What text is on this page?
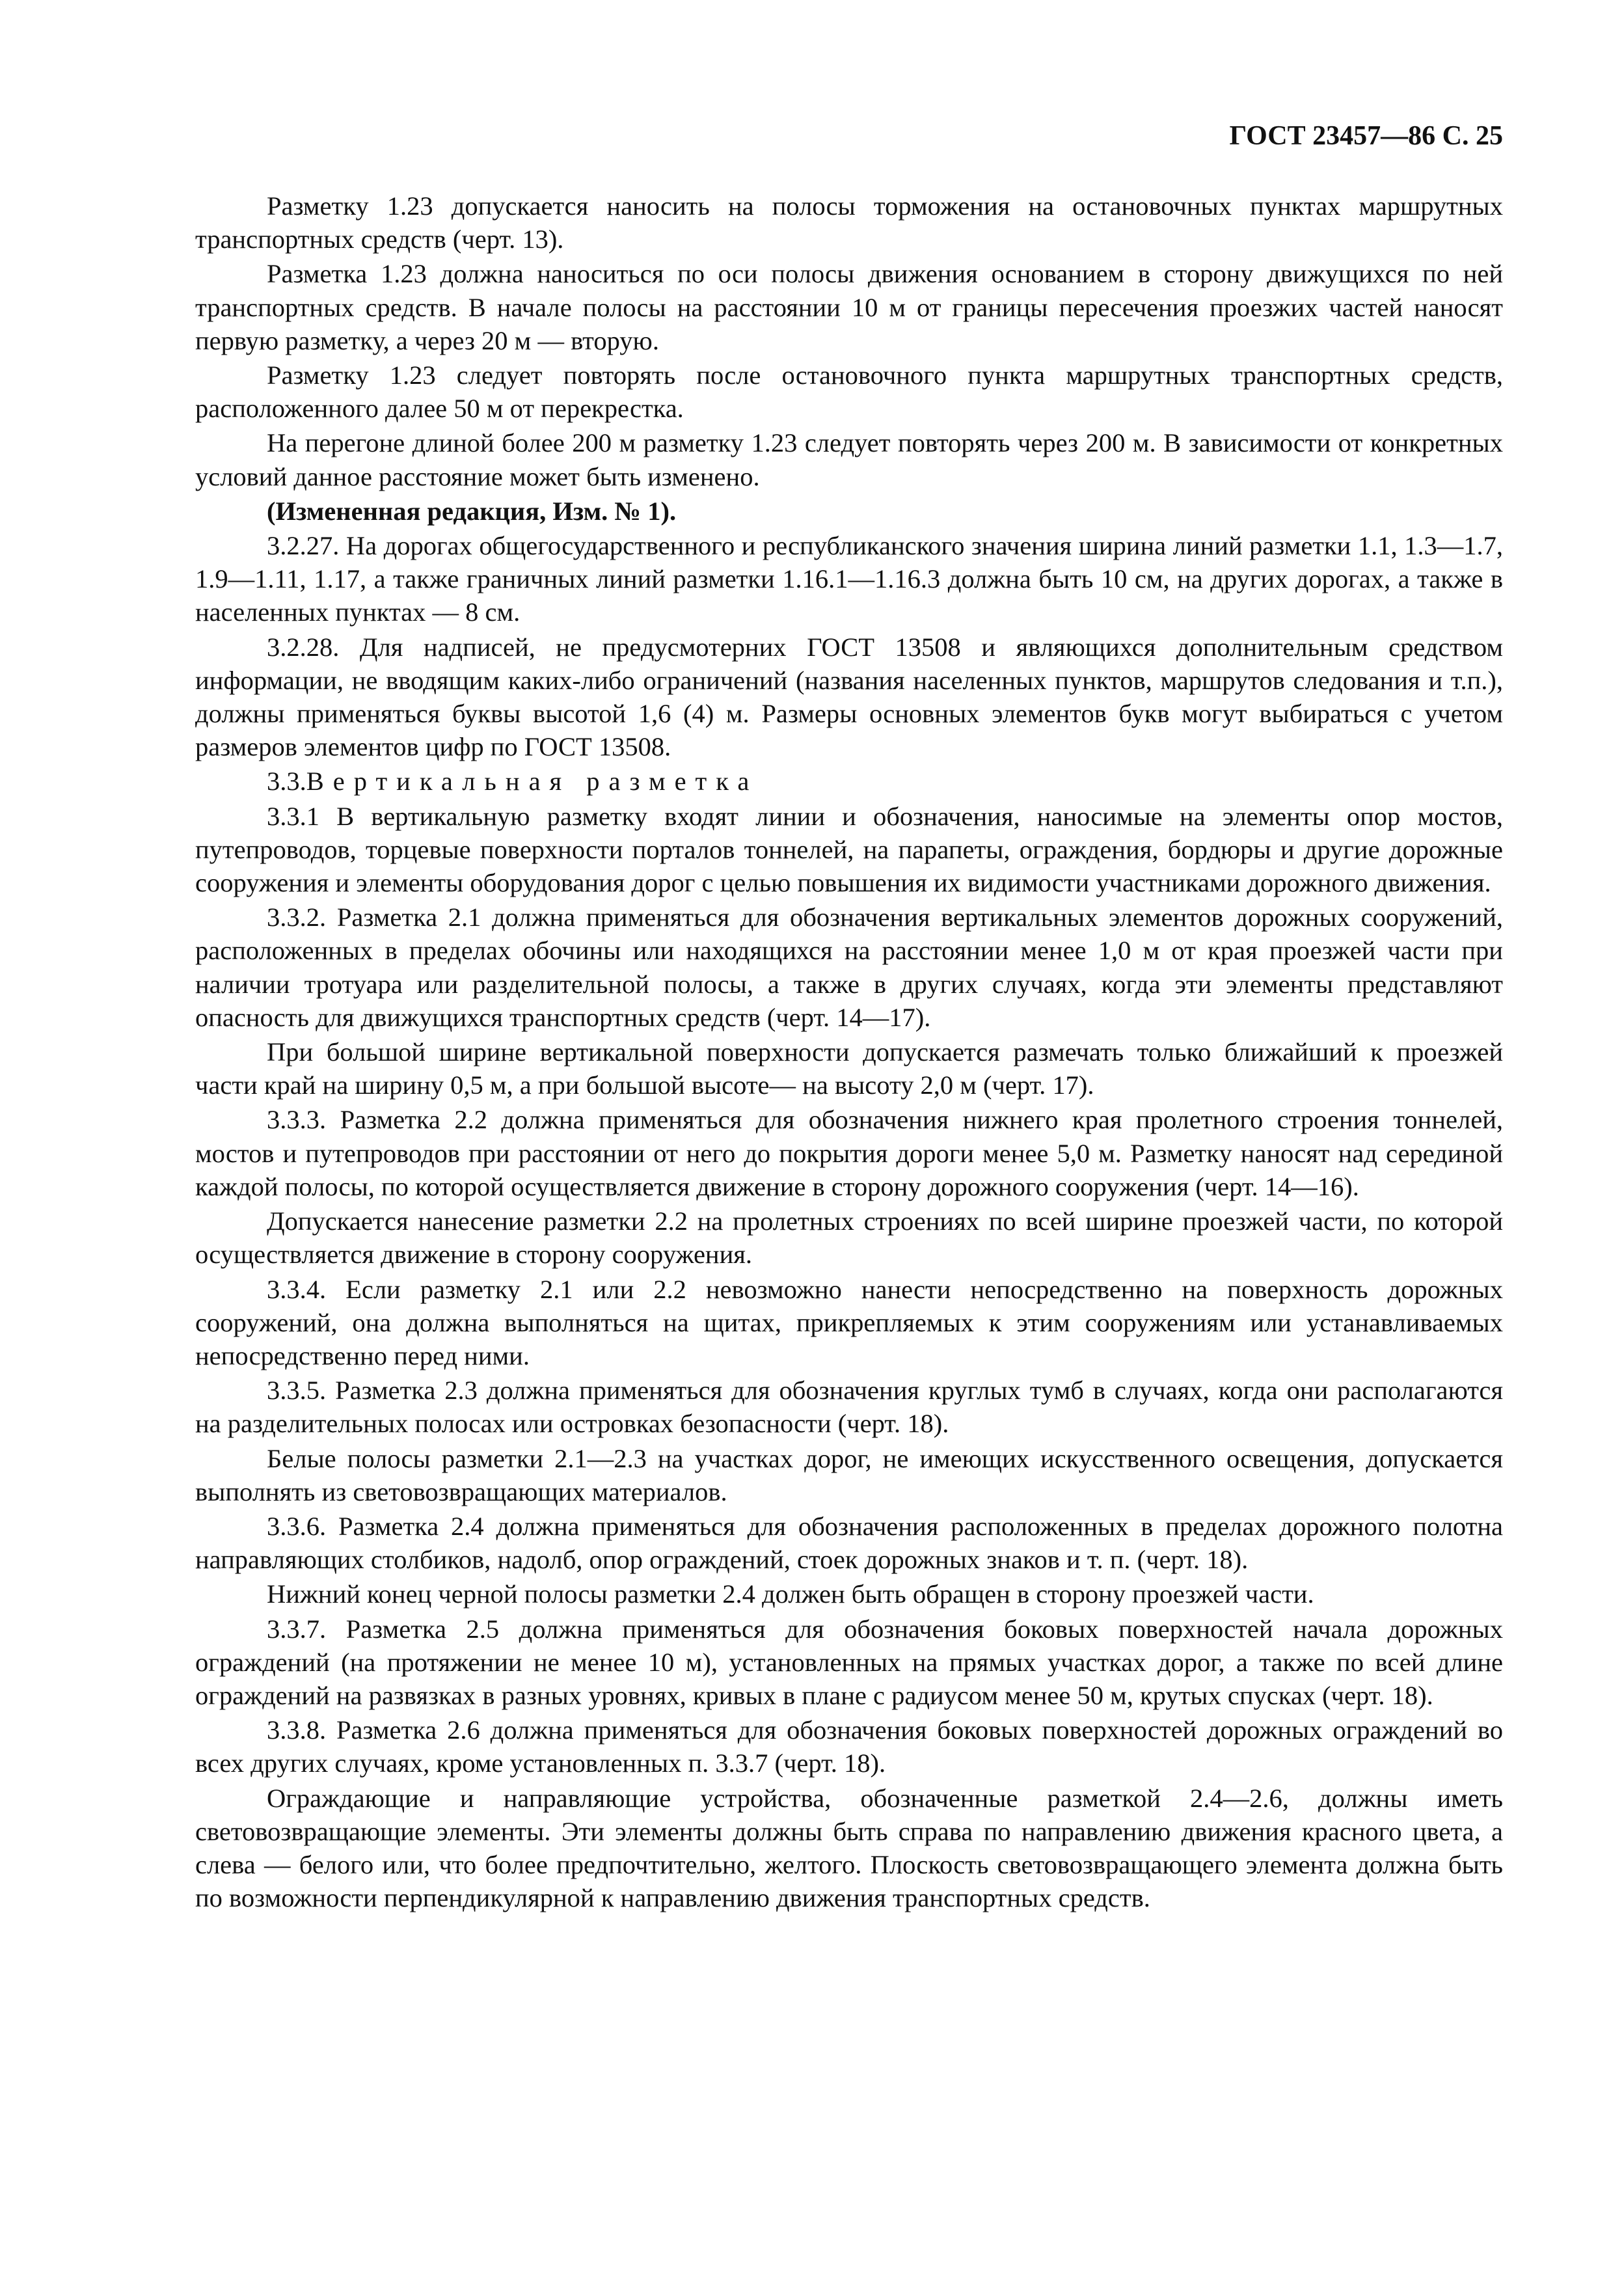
ГОСТ 23457—86 С. 25

Разметку 1.23 допускается наносить на полосы торможения на остановочных пунктах маршрутных транспортных средств (черт. 13).

Разметка 1.23 должна наноситься по оси полосы движения основанием в сторону движущихся по ней транспортных средств. В начале полосы на расстоянии 10 м от границы пересечения проезжих частей наносят первую разметку, а через 20 м — вторую.

Разметку 1.23 следует повторять после остановочного пункта маршрутных транспортных средств, расположенного далее 50 м от перекрестка.

На перегоне длиной более 200 м разметку 1.23 следует повторять через 200 м. В зависимости от конкретных условий данное расстояние может быть изменено.

(Измененная редакция, Изм. № 1).

3.2.27. На дорогах общегосударственного и республиканского значения ширина линий разметки 1.1, 1.3—1.7, 1.9—1.11, 1.17, а также граничных линий разметки 1.16.1—1.16.3 должна быть 10 см, на других дорогах, а также в населенных пунктах — 8 см.

3.2.28. Для надписей, не предусмотерних ГОСТ 13508 и являющихся дополнительным средством информации, не вводящим каких-либо ограничений (названия населенных пунктов, маршрутов следования и т.п.), должны применяться буквы высотой 1,6 (4) м. Размеры основных элементов букв могут выбираться с учетом размеров элементов цифр по ГОСТ 13508.

3.3.Вертикальная разметка

3.3.1 В вертикальную разметку входят линии и обозначения, наносимые на элементы опор мостов, путепроводов, торцевые поверхности порталов тоннелей, на парапеты, ограждения, бордюры и другие дорожные сооружения и элементы оборудования дорог с целью повышения их видимости участниками дорожного движения.

3.3.2. Разметка 2.1 должна применяться для обозначения вертикальных элементов дорожных сооружений, расположенных в пределах обочины или находящихся на расстоянии менее 1,0 м от края проезжей части при наличии тротуара или разделительной полосы, а также в других случаях, когда эти элементы представляют опасность для движущихся транспортных средств (черт. 14—17).

При большой ширине вертикальной поверхности допускается размечать только ближайший к проезжей части край на ширину 0,5 м, а при большой высоте— на высоту 2,0 м (черт. 17).

3.3.3. Разметка 2.2 должна применяться для обозначения нижнего края пролетного строения тоннелей, мостов и путепроводов при расстоянии от него до покрытия дороги менее 5,0 м. Разметку наносят над серединой каждой полосы, по которой осуществляется движение в сторону дорожного сооружения (черт. 14—16).

Допускается нанесение разметки 2.2 на пролетных строениях по всей ширине проезжей части, по которой осуществляется движение в сторону сооружения.

3.3.4. Если разметку 2.1 или 2.2 невозможно нанести непосредственно на поверхность дорожных сооружений, она должна выполняться на щитах, прикрепляемых к этим сооружениям или устанавливаемых непосредственно перед ними.

3.3.5. Разметка 2.3 должна применяться для обозначения круглых тумб в случаях, когда они располагаются на разделительных полосах или островках безопасности (черт. 18).

Белые полосы разметки 2.1—2.3 на участках дорог, не имеющих искусственного освещения, допускается выполнять из световозвращающих материалов.

3.3.6. Разметка 2.4 должна применяться для обозначения расположенных в пределах дорожного полотна направляющих столбиков, надолб, опор ограждений, стоек дорожных знаков и т. п. (черт. 18).

Нижний конец черной полосы разметки 2.4 должен быть обращен в сторону проезжей части.

3.3.7. Разметка 2.5 должна применяться для обозначения боковых поверхностей начала дорожных ограждений (на протяжении не менее 10 м), установленных на прямых участках дорог, а также по всей длине ограждений на развязках в разных уровнях, кривых в плане с радиусом менее 50 м, крутых спусках (черт. 18).

3.3.8. Разметка 2.6 должна применяться для обозначения боковых поверхностей дорожных ограждений во всех других случаях, кроме установленных п. 3.3.7 (черт. 18).

Ограждающие и направляющие устройства, обозначенные разметкой 2.4—2.6, должны иметь световозвращающие элементы. Эти элементы должны быть справа по направлению движения красного цвета, а слева — белого или, что более предпочтительно, желтого. Плоскость световозвращающего элемента должна быть по возможности перпендикулярной к направлению движения транспортных средств.
